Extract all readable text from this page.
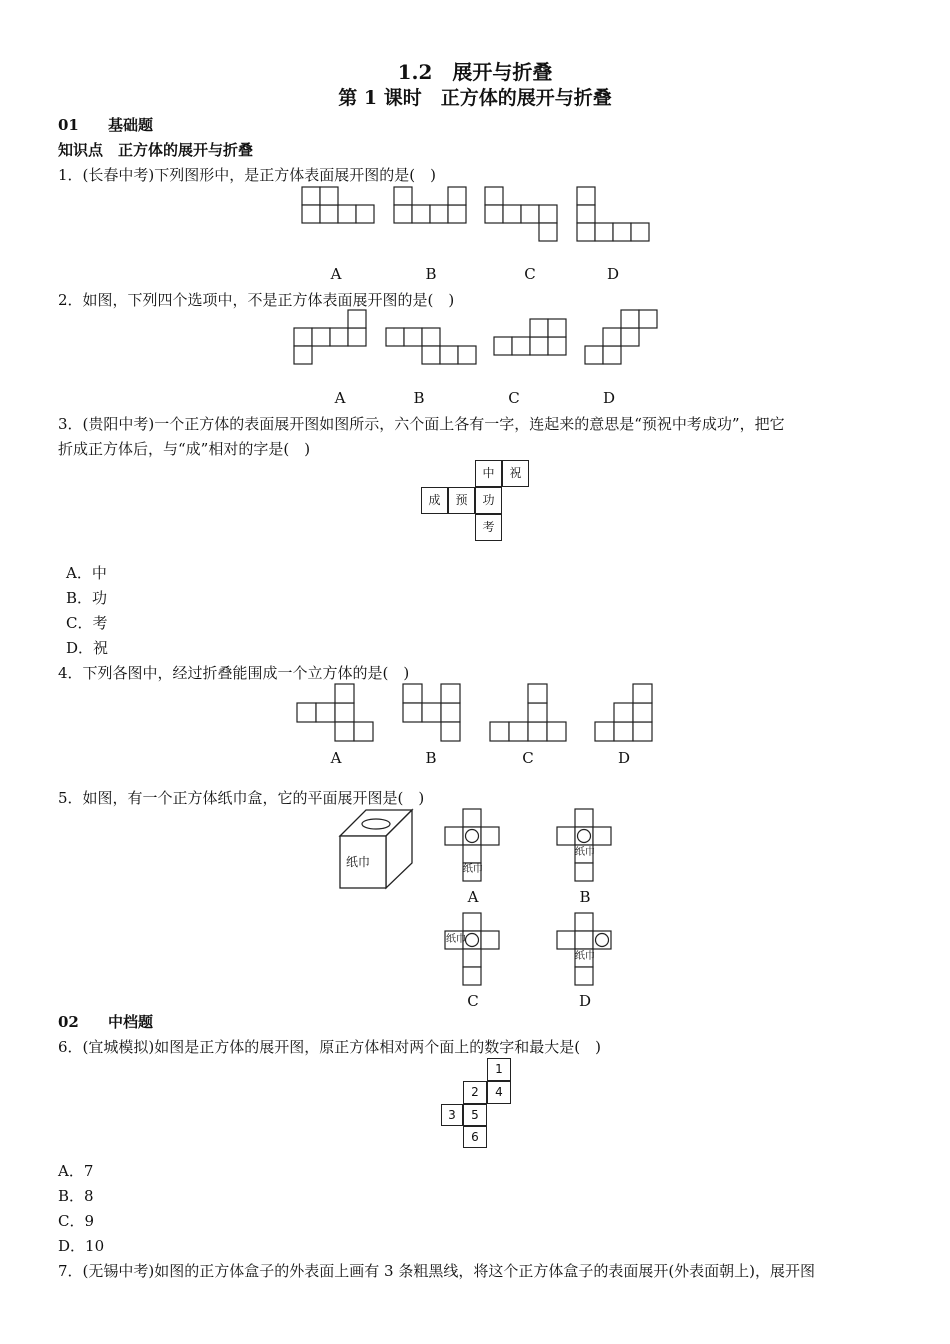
1.2　展开与折叠
第 1 课时　正方体的展开与折叠
01 基础题
知识点　正方体的展开与折叠
1．(长春中考)下列图形中，是正方体表面展开图的是(　)
A	B	C	D
2．如图，下列四个选项中，不是正方体表面展开图的是(　)
A	B	C	D
3．(贵阳中考)一个正方体的表面展开图如图所示，六个面上各有一字，连起来的意思是“预祝中考成功”，把它
折成正方体后，与“成”相对的字是(　)
中	祝
成	预	功
考
A．中
B．功
C．考
D．祝
4．下列各图中，经过折叠能围成一个立方体的是(　)
A	B	C	D
5．如图，有一个正方体纸巾盒，它的平面展开图是(　)
纸巾
纸巾
纸巾
A	B
纸巾
纸巾
C	D
02 中档题
6．(宜城模拟)如图是正方体的展开图，原正方体相对两个面上的数字和最大是(　)
1
2	4
3	5
6
A．7
B．8
C．9
D．10
7．(无锡中考)如图的正方体盒子的外表面上画有 3 条粗黑线，将这个正方体盒子的表面展开(外表面朝上)，展开图
